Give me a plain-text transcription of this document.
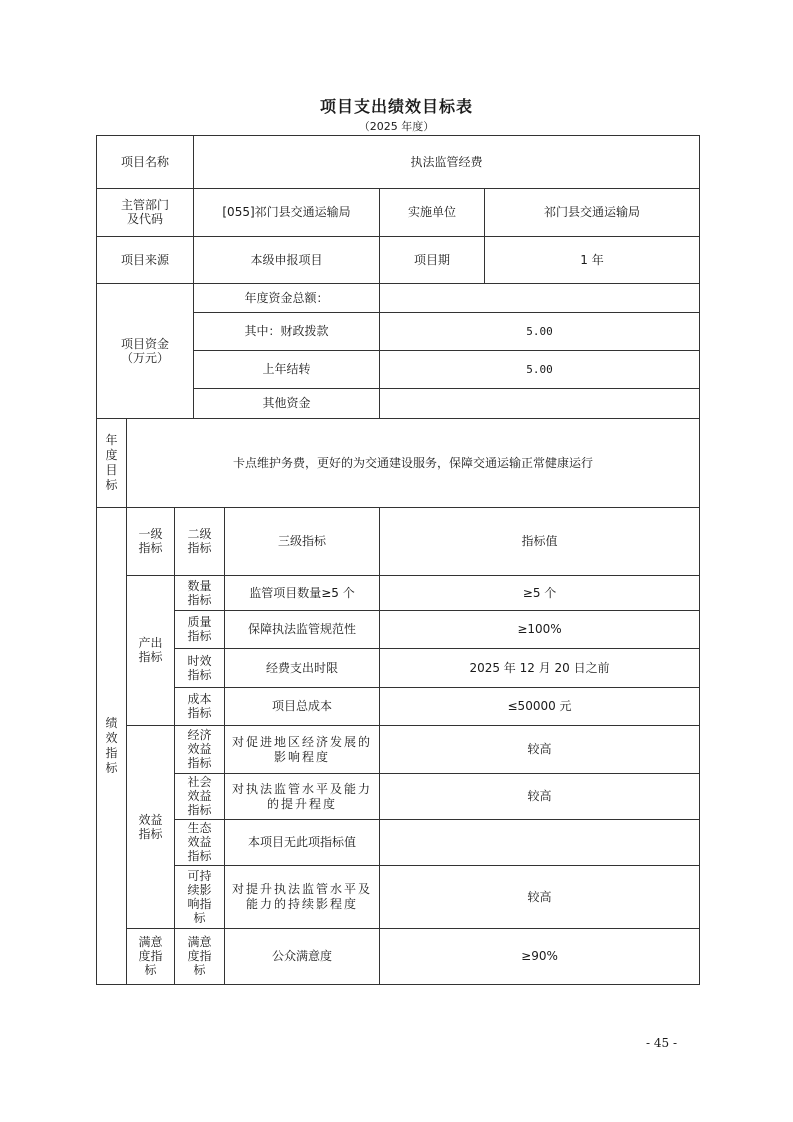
项目支出绩效目标表
（2025 年度）
项目名称			执法监管经费			
主管部门及代码			[055]祁门县交通运输局		实施单位	祁门县交通运输局
项目来源			本级申报项目		项目期	1 年
项目资金（万元）			年度资金总额：			
			其中：财政拨款		5.00	
			上年结转		5.00	
			其他资金			
年度目标	卡点维护务费，更好的为交通建设服务，保障交通运输正常健康运行					
绩效指标	一级指标	二级指标		三级指标	指标值	
	产出指标	数量指标		监管项目数量≥5 个	≥5 个	
		质量指标		保障执法监管规范性	≥100%	
		时效指标		经费支出时限	2025 年 12 月 20 日之前	
		成本指标		项目总成本	≤50000 元	
	效益指标	经济效益指标		对促进地区经济发展的影响程度	较高	
		社会效益指标		对执法监管水平及能力的提升程度	较高	
		生态效益指标		本项目无此项指标值		
		可持续影响指标		对提升执法监管水平及能力的持续影程度	较高	
	满意度指标	满意度指标		公众满意度	≥90%	
- 45 -
